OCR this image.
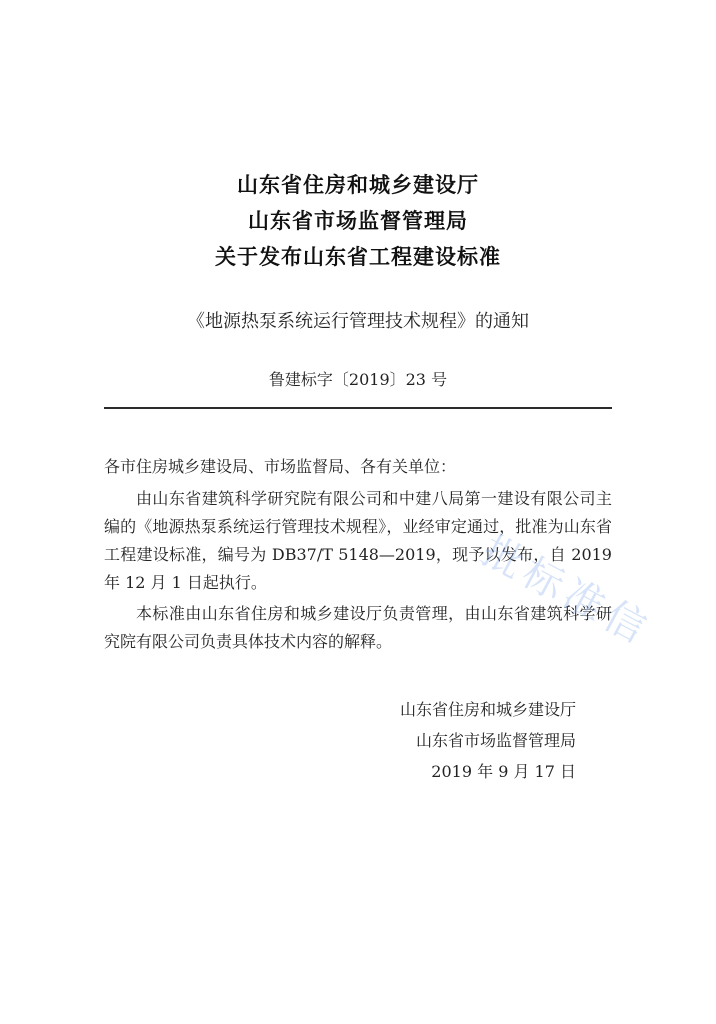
山东省住房和城乡建设厅
山东省市场监督管理局
关于发布山东省工程建设标准
《地源热泵系统运行管理技术规程》的通知
鲁建标字〔2019〕23 号
各市住房城乡建设局、市场监督局、各有关单位：
由山东省建筑科学研究院有限公司和中建八局第一建设有限公司主编的《地源热泵系统运行管理技术规程》，业经审定通过，批准为山东省工程建设标准，编号为 DB37/T 5148—2019，现予以发布，自 2019 年 12 月 1 日起执行。
本标准由山东省住房和城乡建设厅负责管理，由山东省建筑科学研究院有限公司负责具体技术内容的解释。
山东省住房和城乡建设厅
山东省市场监督管理局
2019 年 9 月 17 日
批标准信
